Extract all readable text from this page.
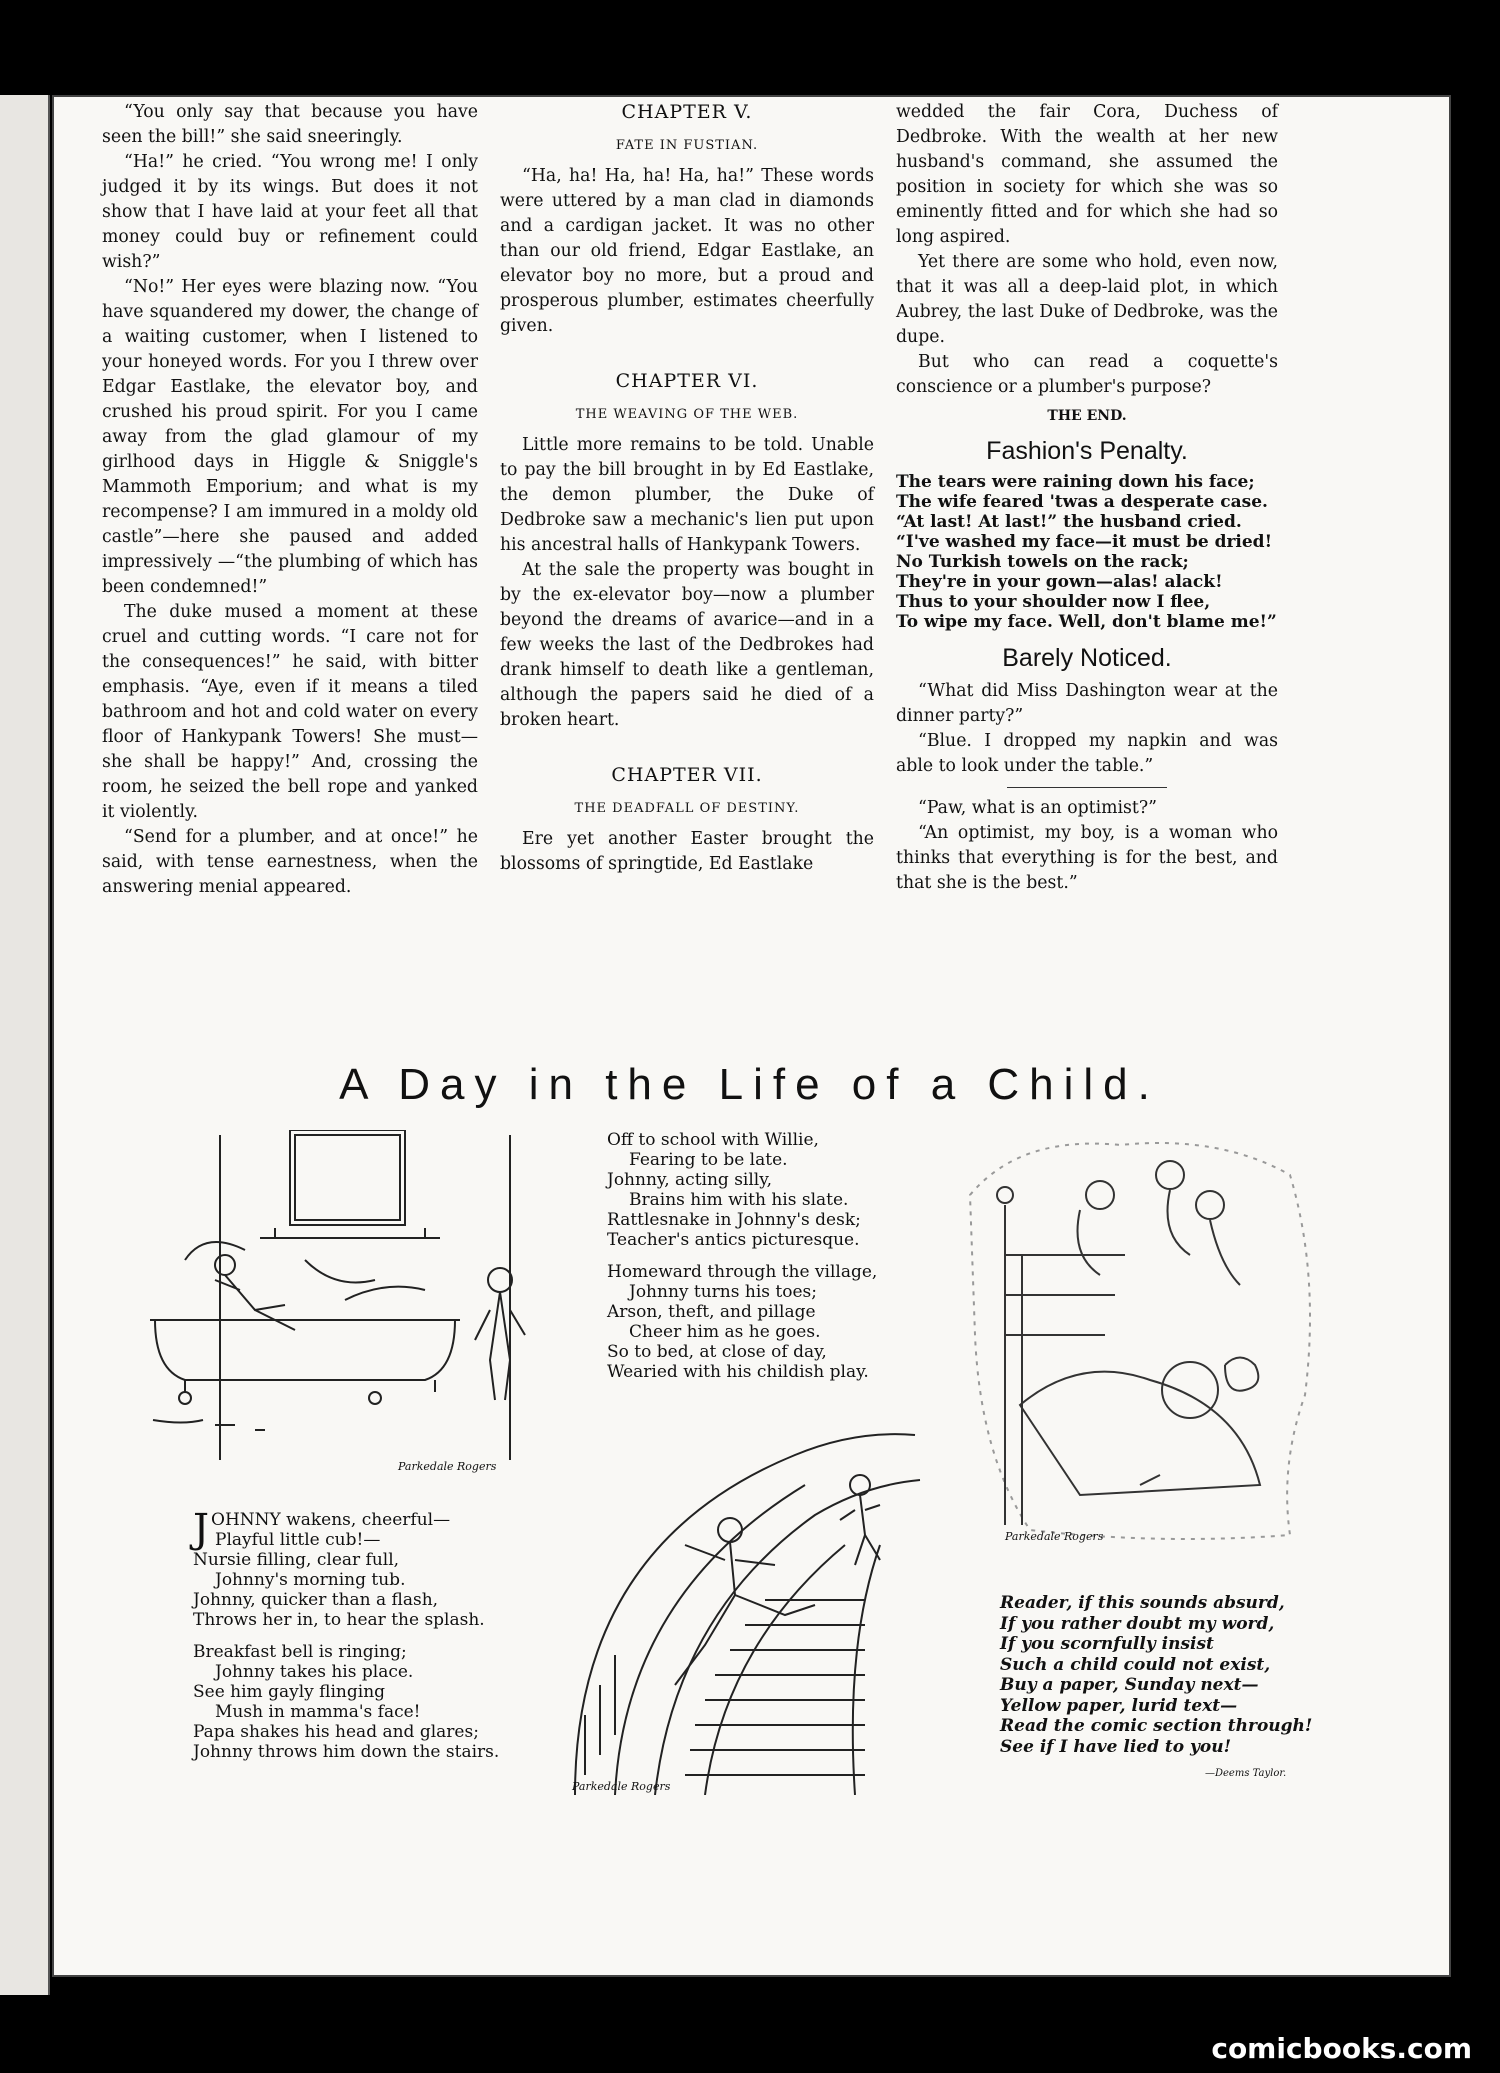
“You only say that because you have seen the bill!” she said sneeringly.

“Ha!” he cried. “You wrong me! I only judged it by its wings. But does it not show that I have laid at your feet all that money could buy or refinement could wish?”

“No!” Her eyes were blazing now. “You have squandered my dower, the change of a waiting customer, when I listened to your honeyed words. For you I threw over Edgar Eastlake, the elevator boy, and crushed his proud spirit. For you I came away from the glad glamour of my girlhood days in Higgle & Sniggle's Mammoth Emporium; and what is my recompense? I am immured in a moldy old castle”—here she paused and added impressively —“the plumbing of which has been condemned!”

The duke mused a moment at these cruel and cutting words. “I care not for the consequences!” he said, with bitter emphasis. “Aye, even if it means a tiled bathroom and hot and cold water on every floor of Hankypank Towers! She must—she shall be happy!” And, crossing the room, he seized the bell rope and yanked it violently.

“Send for a plumber, and at once!” he said, with tense earnestness, when the answering menial appeared.

CHAPTER V.
FATE IN FUSTIAN.

“Ha, ha! Ha, ha! Ha, ha!” These words were uttered by a man clad in diamonds and a cardigan jacket. It was no other than our old friend, Edgar Eastlake, an elevator boy no more, but a proud and prosperous plumber, estimates cheerfully given.

CHAPTER VI.
THE WEAVING OF THE WEB.

Little more remains to be told. Unable to pay the bill brought in by Ed Eastlake, the demon plumber, the Duke of Dedbroke saw a mechanic's lien put upon his ancestral halls of Hankypank Towers.

At the sale the property was bought in by the ex-elevator boy—now a plumber beyond the dreams of avarice—and in a few weeks the last of the Dedbrokes had drank himself to death like a gentleman, although the papers said he died of a broken heart.

CHAPTER VII.
THE DEADFALL OF DESTINY.

Ere yet another Easter brought the blossoms of springtide, Ed Eastlake

wedded the fair Cora, Duchess of Dedbroke. With the wealth at her new husband's command, she assumed the position in society for which she was so eminently fitted and for which she had so long aspired.

Yet there are some who hold, even now, that it was all a deep-laid plot, in which Aubrey, the last Duke of Dedbroke, was the dupe.

But who can read a coquette's conscience or a plumber's purpose?

THE END.
Fashion's Penalty.
The tears were raining down his face;
The wife feared 'twas a desperate case.
“At last! At last!” the husband cried.
“I've washed my face—it must be dried!
No Turkish towels on the rack;
They're in your gown—alas! alack!
Thus to your shoulder now I flee,
To wipe my face. Well, don't blame me!”
Barely Noticed.

“What did Miss Dashington wear at the dinner party?”

“Blue. I dropped my napkin and was able to look under the table.”

“Paw, what is an optimist?”

“An optimist, my boy, is a woman who thinks that everything is for the best, and that she is the best.”

A Day in the Life of a Child.
Parkedale Rogers
J OHNNY wakens, cheerful—
Playful little cub!—
Nursie filling, clear full,
Johnny's morning tub.
Johnny, quicker than a flash,
Throws her in, to hear the splash.
Breakfast bell is ringing;
Johnny takes his place.
See him gayly flinging
Mush in mamma's face!
Papa shakes his head and glares;
Johnny throws him down the stairs.
Off to school with Willie,
Fearing to be late.
Johnny, acting silly,
Brains him with his slate.
Rattlesnake in Johnny's desk;
Teacher's antics picturesque.
Homeward through the village,
Johnny turns his toes;
Arson, theft, and pillage
Cheer him as he goes.
So to bed, at close of day,
Wearied with his childish play.
Parkedale Rogers
Parkedale Rogers
Reader, if this sounds absurd,
If you rather doubt my word,
If you scornfully insist
Such a child could not exist,
Buy a paper, Sunday next—
Yellow paper, lurid text—
Read the comic section through!
See if I have lied to you!
—Deems Taylor.
comicbooks.com
